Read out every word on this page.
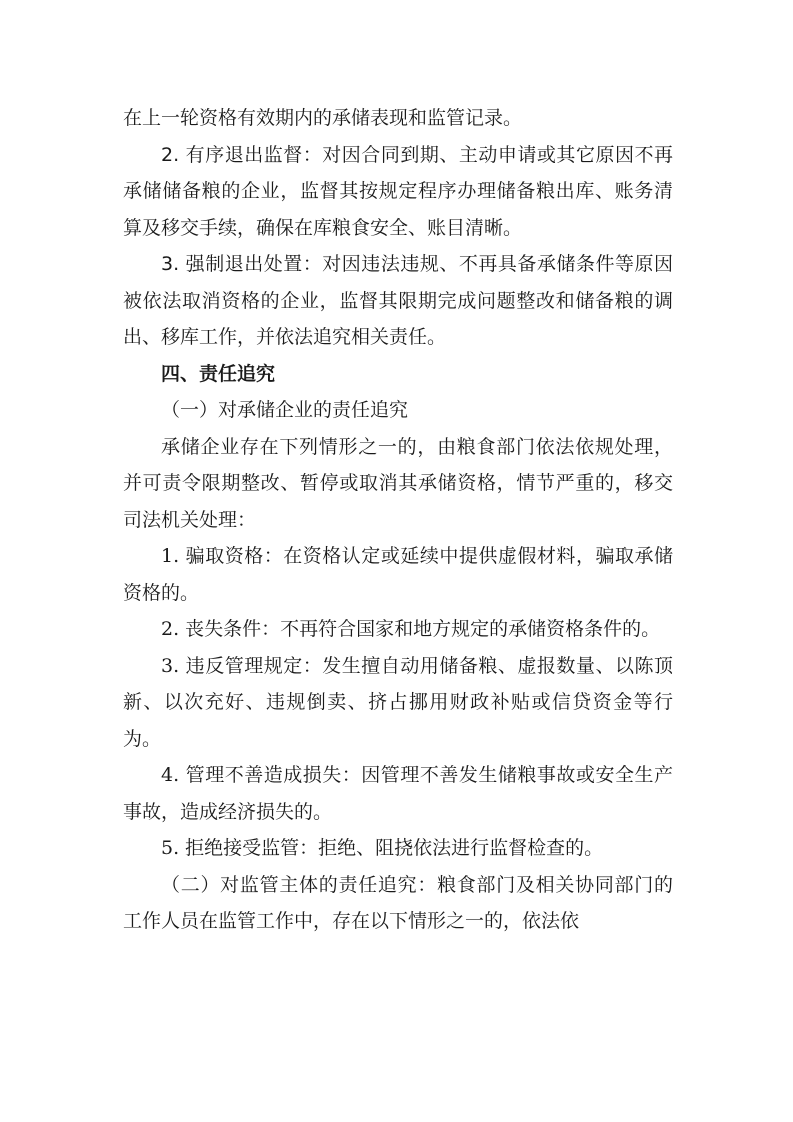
在上一轮资格有效期内的承储表现和监管记录。

2. 有序退出监督：对因合同到期、主动申请或其它原因不再承储储备粮的企业，监督其按规定程序办理储备粮出库、账务清算及移交手续，确保在库粮食安全、账目清晰。

3. 强制退出处置：对因违法违规、不再具备承储条件等原因被依法取消资格的企业，监督其限期完成问题整改和储备粮的调出、移库工作，并依法追究相关责任。

四、责任追究

（一）对承储企业的责任追究

承储企业存在下列情形之一的，由粮食部门依法依规处理，并可责令限期整改、暂停或取消其承储资格，情节严重的，移交司法机关处理：

1. 骗取资格：在资格认定或延续中提供虚假材料，骗取承储资格的。

2. 丧失条件：不再符合国家和地方规定的承储资格条件的。

3. 违反管理规定：发生擅自动用储备粮、虚报数量、以陈顶新、以次充好、违规倒卖、挤占挪用财政补贴或信贷资金等行为。

4. 管理不善造成损失：因管理不善发生储粮事故或安全生产事故，造成经济损失的。

5. 拒绝接受监管：拒绝、阻挠依法进行监督检查的。

（二）对监管主体的责任追究：粮食部门及相关协同部门的工作人员在监管工作中，存在以下情形之一的，依法依
